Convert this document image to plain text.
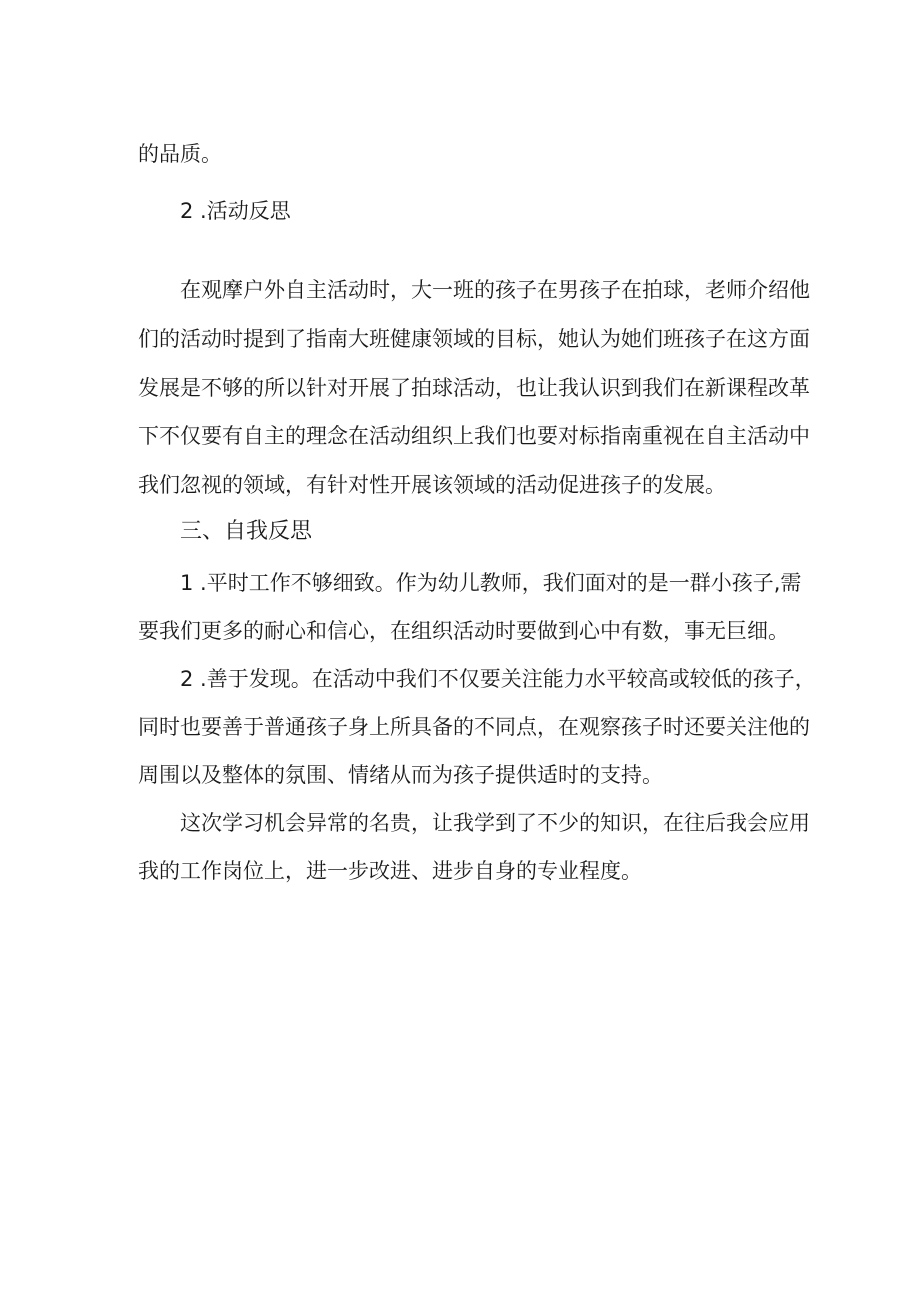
的品质。
2 .活动反思
在观摩户外自主活动时，大一班的孩子在男孩子在拍球，老师介绍他
们的活动时提到了指南大班健康领域的目标，她认为她们班孩子在这方面
发展是不够的所以针对开展了拍球活动，也让我认识到我们在新课程改革
下不仅要有自主的理念在活动组织上我们也要对标指南重视在自主活动中
我们忽视的领域，有针对性开展该领域的活动促进孩子的发展。
三、自我反思
1 .平时工作不够细致。作为幼儿教师，我们面对的是一群小孩子,需
要我们更多的耐心和信心，在组织活动时要做到心中有数，事无巨细。
2 .善于发现。在活动中我们不仅要关注能力水平较高或较低的孩子，
同时也要善于普通孩子身上所具备的不同点，在观察孩子时还要关注他的
周围以及整体的氛围、情绪从而为孩子提供适时的支持。
这次学习机会异常的名贵，让我学到了不少的知识，在往后我会应用
我的工作岗位上，进一步改进、进步自身的专业程度。
